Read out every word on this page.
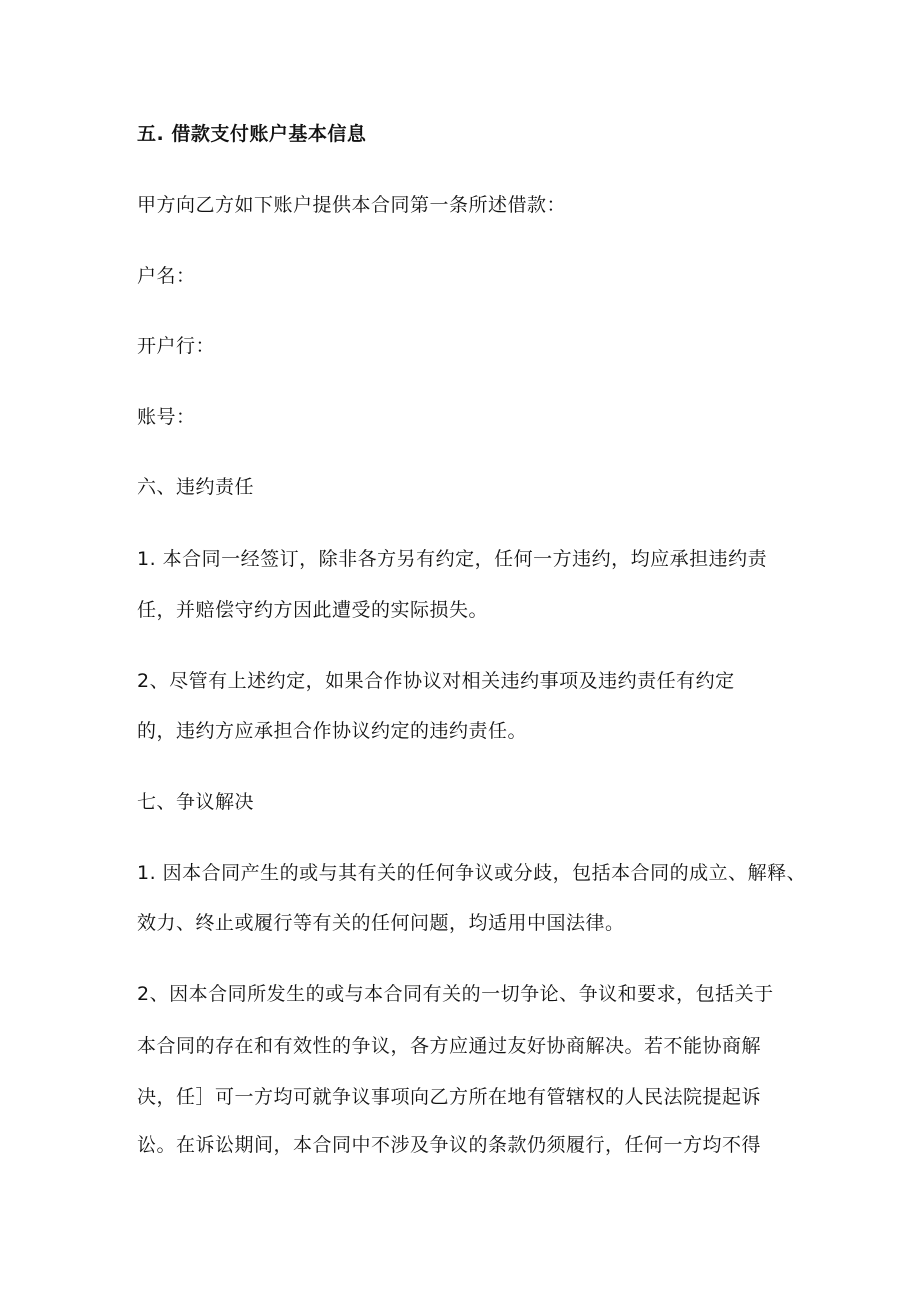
五. 借款支付账户基本信息
甲方向乙方如下账户提供本合同第一条所述借款：
户名：
开户行：
账号：
六、违约责任
1. 本合同一经签订，除非各方另有约定，任何一方违约，均应承担违约责
任，并赔偿守约方因此遭受的实际损失。
2、尽管有上述约定，如果合作协议对相关违约事项及违约责任有约定
的，违约方应承担合作协议约定的违约责任。
七、争议解决
1. 因本合同产生的或与其有关的任何争议或分歧，包括本合同的成立、解释、
效力、终止或履行等有关的任何问题，均适用中国法律。
2、因本合同所发生的或与本合同有关的一切争论、争议和要求，包括关于
本合同的存在和有效性的争议，各方应通过友好协商解决。若不能协商解
决，任］可一方均可就争议事项向乙方所在地有管辖权的人民法院提起诉
讼。在诉讼期间，本合同中不涉及争议的条款仍须履行，任何一方均不得
